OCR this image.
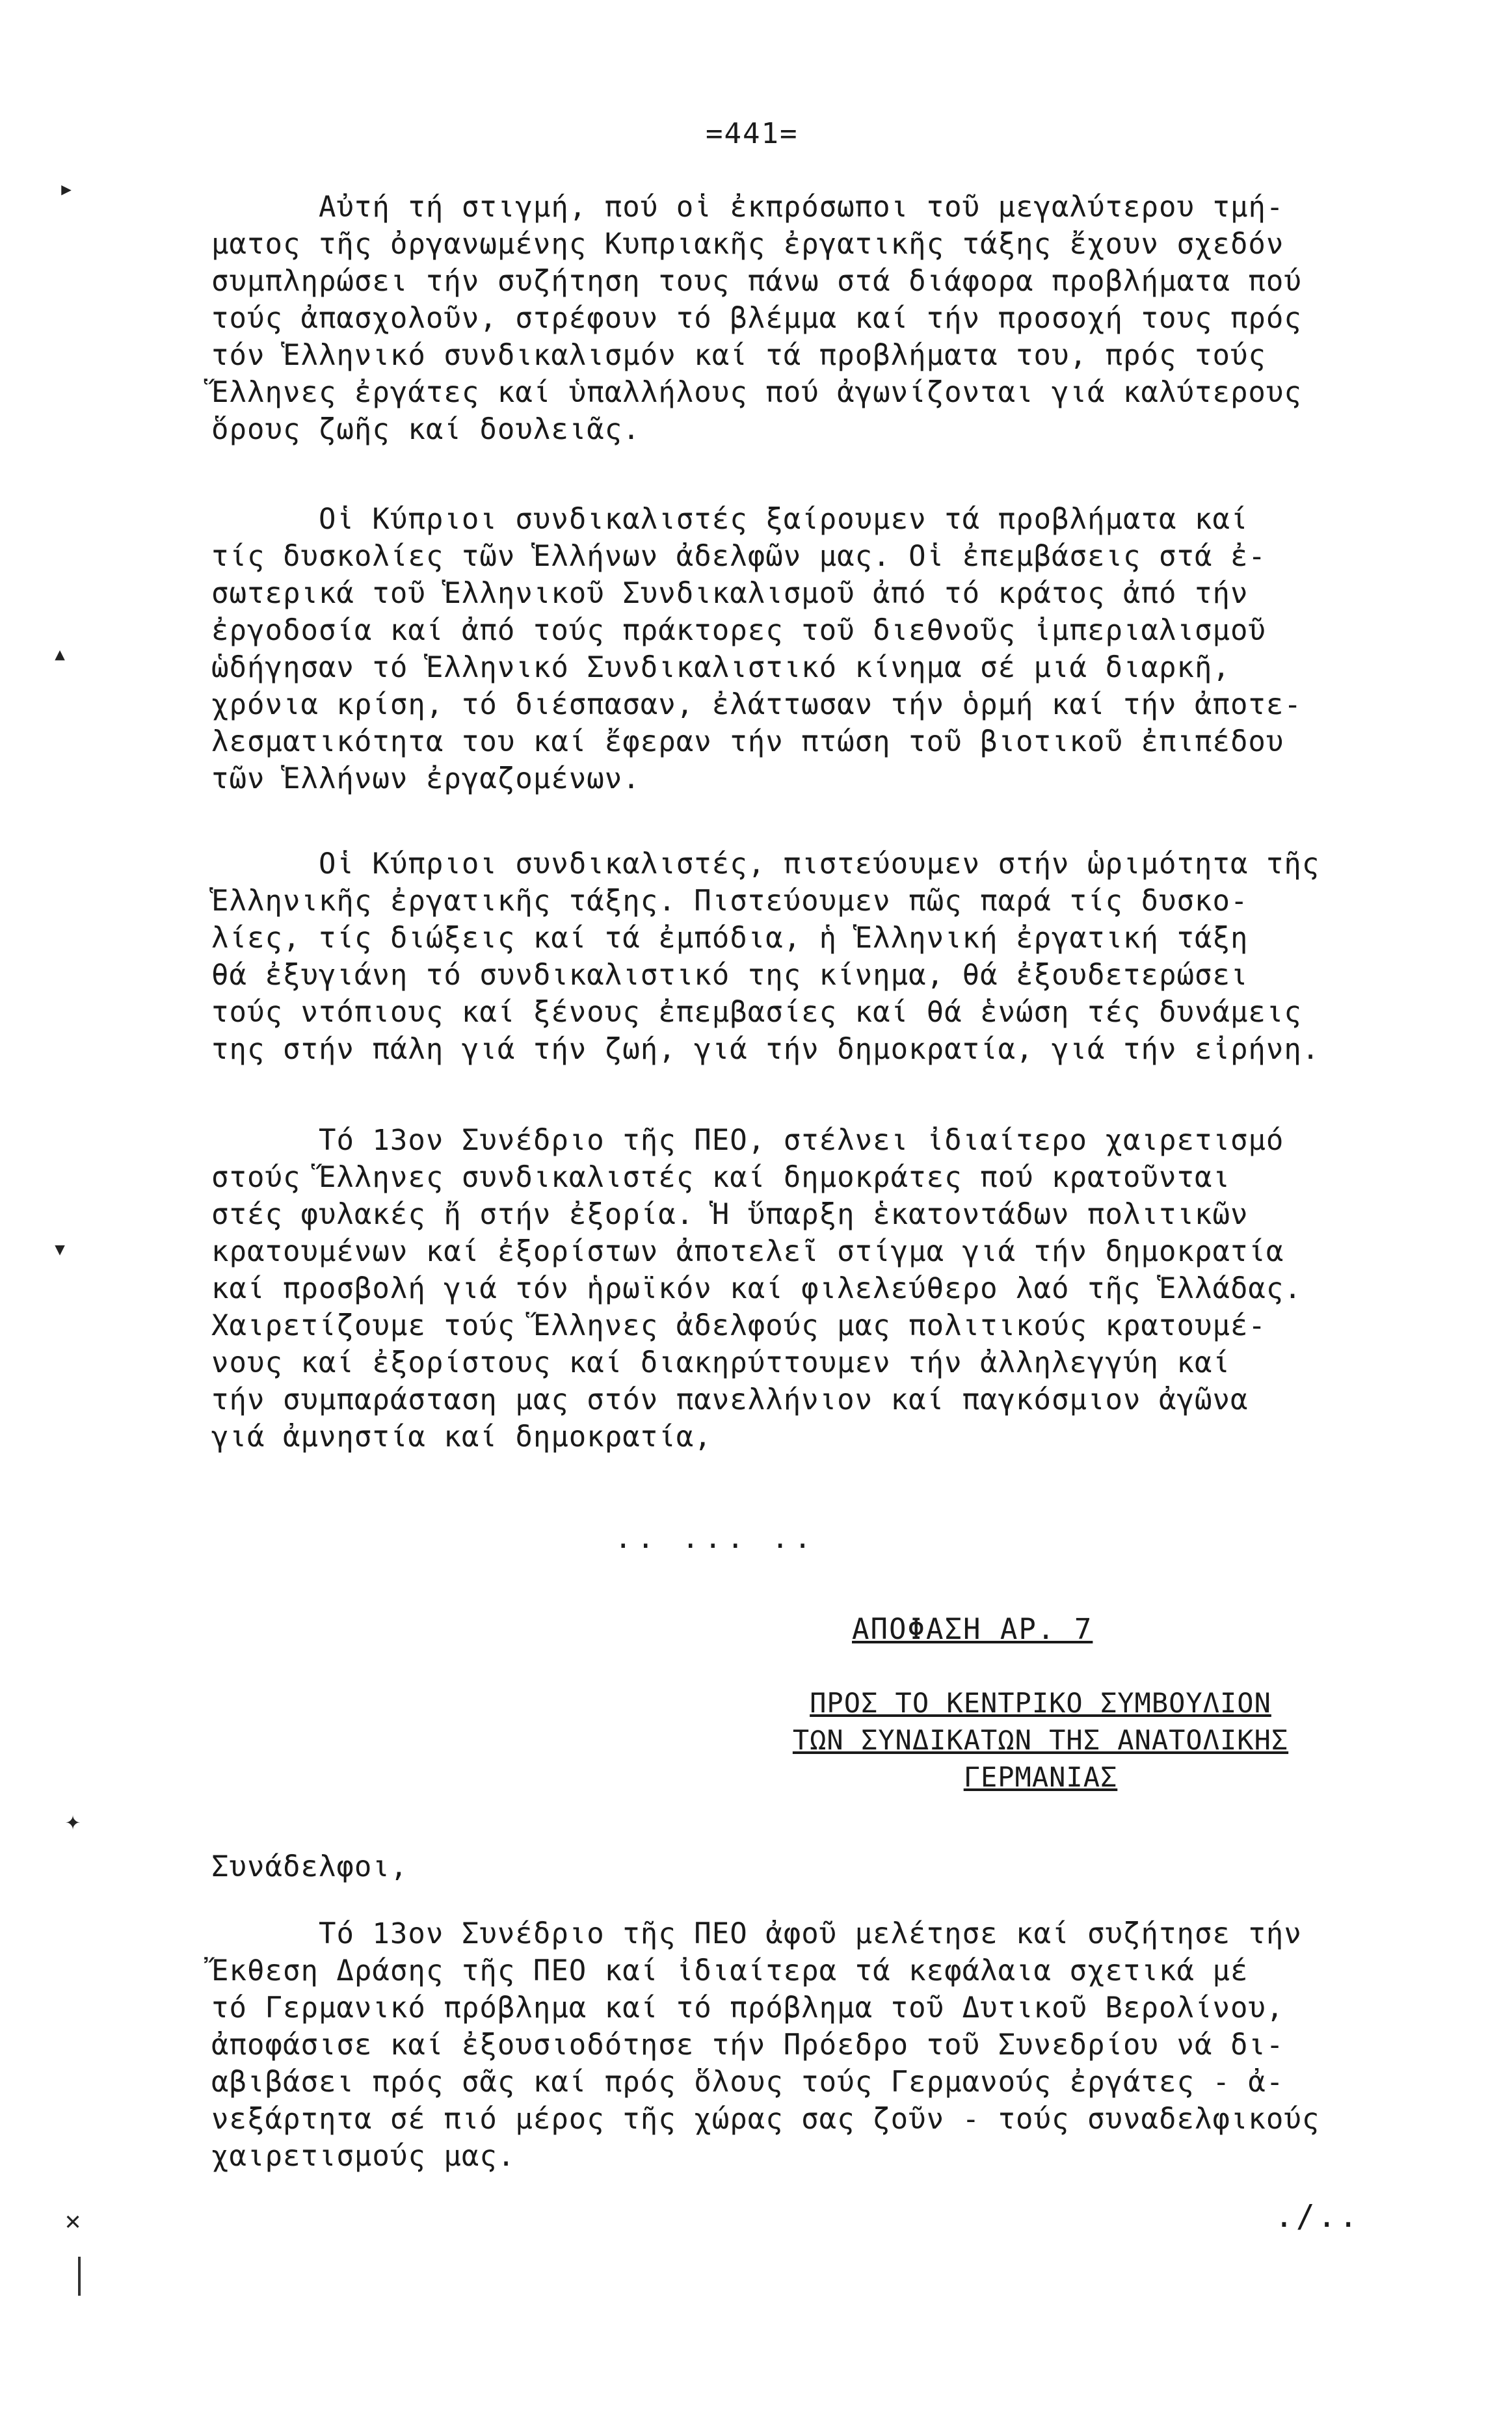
=441=
Αὐτή τή στιγμή, πού οἱ ἐκπρόσωποι τοῦ μεγαλύτερου τμή-
ματος τῆς ὀργανωμένης Κυπριακῆς ἐργατικῆς τάξης ἔχουν σχεδόν
συμπληρώσει τήν συζήτηση τους πάνω στά διάφορα προβλήματα πού
τούς ἀπασχολοῦν, στρέφουν τό βλέμμα καί τήν προσοχή τους πρός
τόν Ἑλληνικό συνδικαλισμόν καί τά προβλήματα του, πρός τούς
Ἕλληνες ἐργάτες καί ὑπαλλήλους πού ἀγωνίζονται γιά καλύτερους
ὅρους ζωῆς καί δουλειᾶς.
Οἱ Κύπριοι συνδικαλιστές ξαίρουμεν τά προβλήματα καί
τίς δυσκολίες τῶν Ἑλλήνων ἀδελφῶν μας. Οἱ ἐπεμβάσεις στά ἐ-
σωτερικά τοῦ Ἑλληνικοῦ Συνδικαλισμοῦ ἀπό τό κράτος ἀπό τήν
ἐργοδοσία καί ἀπό τούς πράκτορες τοῦ διεθνοῦς ἰμπεριαλισμοῦ
ὡδήγησαν τό Ἑλληνικό Συνδικαλιστικό κίνημα σέ μιά διαρκῆ,
χρόνια κρίση, τό διέσπασαν, ἐλάττωσαν τήν ὁρμή καί τήν ἀποτε-
λεσματικότητα του καί ἔφεραν τήν πτώση τοῦ βιοτικοῦ ἐπιπέδου
τῶν Ἑλλήνων ἐργαζομένων.
Οἱ Κύπριοι συνδικαλιστές, πιστεύουμεν στήν ὡριμότητα τῆς
Ἑλληνικῆς ἐργατικῆς τάξης. Πιστεύουμεν πῶς παρά τίς δυσκο-
λίες, τίς διώξεις καί τά ἐμπόδια, ἡ Ἑλληνική ἐργατική τάξη
θά ἐξυγιάνη τό συνδικαλιστικό της κίνημα, θά ἐξουδετερώσει
τούς ντόπιους καί ξένους ἐπεμβασίες καί θά ἑνώση τές δυνάμεις
της στήν πάλη γιά τήν ζωή, γιά τήν δημοκρατία, γιά τήν εἰρήνη.
Τό 13ον Συνέδριο τῆς ΠΕΟ, στέλνει ἰδιαίτερο χαιρετισμό
στούς Ἕλληνες συνδικαλιστές καί δημοκράτες πού κρατοῦνται
στές φυλακές ἤ στήν ἐξορία. Ἡ ὕπαρξη ἑκατοντάδων πολιτικῶν
κρατουμένων καί ἐξορίστων ἀποτελεῖ στίγμα γιά τήν δημοκρατία
καί προσβολή γιά τόν ἡρωϊκόν καί φιλελεύθερο λαό τῆς Ἑλλάδας.
Χαιρετίζουμε τούς Ἕλληνες ἀδελφούς μας πολιτικούς κρατουμέ-
νους καί ἐξορίστους καί διακηρύττουμεν τήν ἀλληλεγγύη καί
τήν συμπαράσταση μας στόν πανελλήνιον καί παγκόσμιον ἀγῶνα
γιά ἀμνηστία καί δημοκρατία,
.. ... ..
ΑΠΟΦΑΣΗ ΑΡ. 7
ΠΡΟΣ ΤΟ ΚΕΝΤΡΙΚΟ ΣΥΜΒΟΥΛΙΟΝ
ΤΩΝ ΣΥΝΔΙΚΑΤΩΝ ΤΗΣ ΑΝΑΤΟΛΙΚΗΣ
ΓΕΡΜΑΝΙΑΣ
Συνάδελφοι,
Τό 13ον Συνέδριο τῆς ΠΕΟ ἀφοῦ μελέτησε καί συζήτησε τήν
Ἔκθεση Δράσης τῆς ΠΕΟ καί ἰδιαίτερα τά κεφάλαια σχετικά μέ
τό Γερμανικό πρόβλημα καί τό πρόβλημα τοῦ Δυτικοῦ Βερολίνου,
ἀποφάσισε καί ἐξουσιοδότησε τήν Πρόεδρο τοῦ Συνεδρίου νά δι-
αβιβάσει πρός σᾶς καί πρός ὅλους τούς Γερμανούς ἐργάτες - ἀ-
νεξάρτητα σέ πιό μέρος τῆς χώρας σας ζοῦν - τούς συναδελφικούς
χαιρετισμούς μας.
./..
▸
▴
▾
✦
✕
